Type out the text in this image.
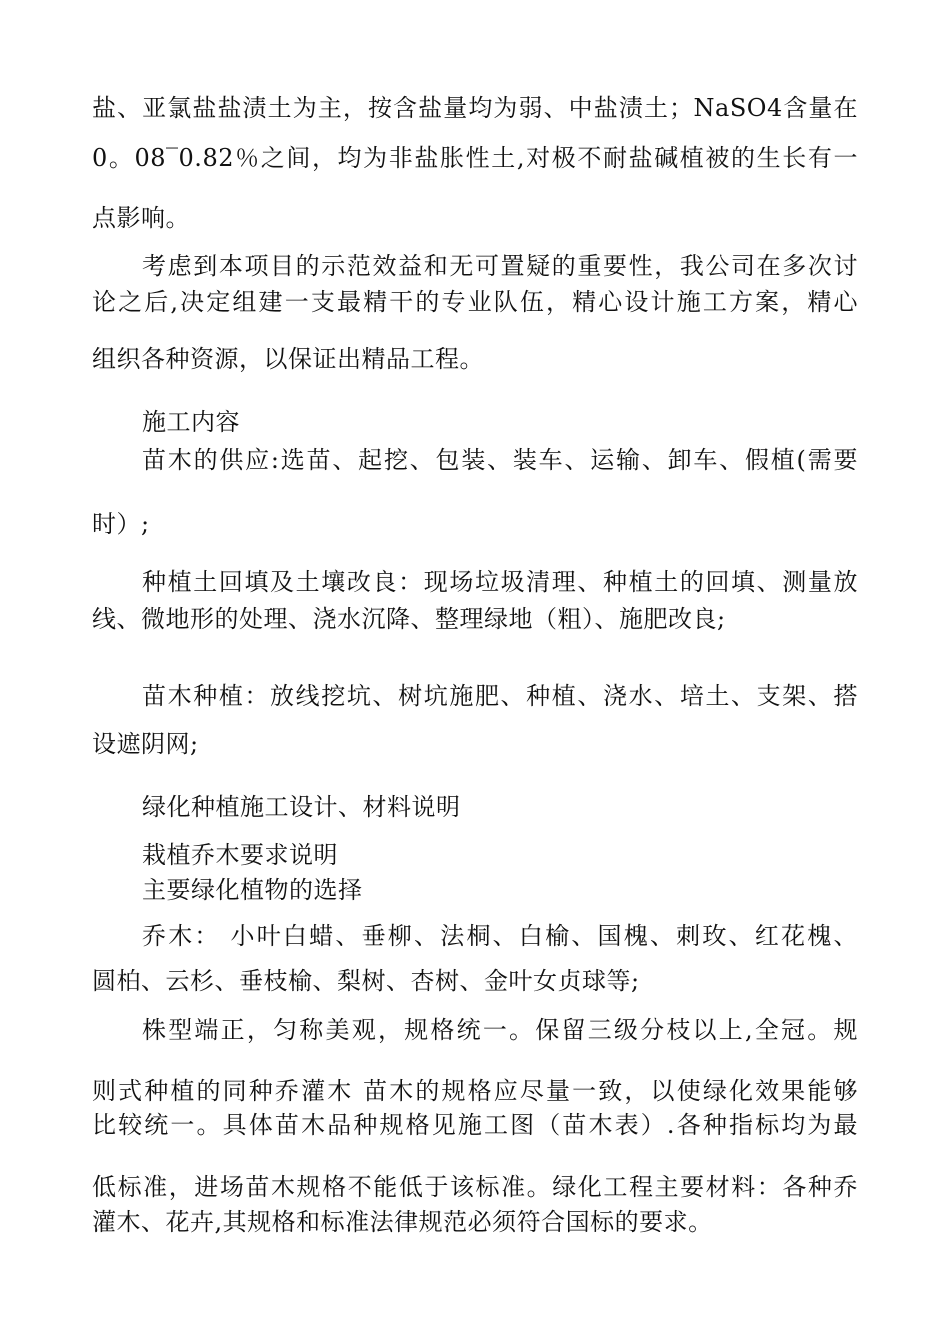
盐、亚氯盐盐渍土为主，按含盐量均为弱、中盐渍土；NaSO4含量在
0。08‾0.82％之间，均为非盐胀性土,对极不耐盐碱植被的生长有一
点影响。
考虑到本项目的示范效益和无可置疑的重要性，我公司在多次讨
论之后,决定组建一支最精干的专业队伍，精心设计施工方案，精心
组织各种资源，以保证出精品工程。
施工内容
苗木的供应:选苗、起挖、包装、装车、运输、卸车、假植(需要
时）;
种植土回填及土壤改良：现场垃圾清理、种植土的回填、测量放
线、微地形的处理、浇水沉降、整理绿地（粗）、施肥改良;
苗木种植：放线挖坑、树坑施肥、种植、浇水、培土、支架、搭
设遮阴网;
绿化种植施工设计、材料说明
栽植乔木要求说明
主要绿化植物的选择
乔木： 小叶白蜡、垂柳、法桐、白榆、国槐、刺玫、红花槐、
圆柏、云杉、垂枝榆、梨树、杏树、金叶女贞球等;
株型端正，匀称美观，规格统一。保留三级分枝以上,全冠。规
则式种植的同种乔灌木 苗木的规格应尽量一致，以使绿化效果能够
比较统一。具体苗木品种规格见施工图（苗木表）.各种指标均为最
低标准，进场苗木规格不能低于该标准。绿化工程主要材料：各种乔
灌木、花卉,其规格和标准法律规范必须符合国标的要求。
